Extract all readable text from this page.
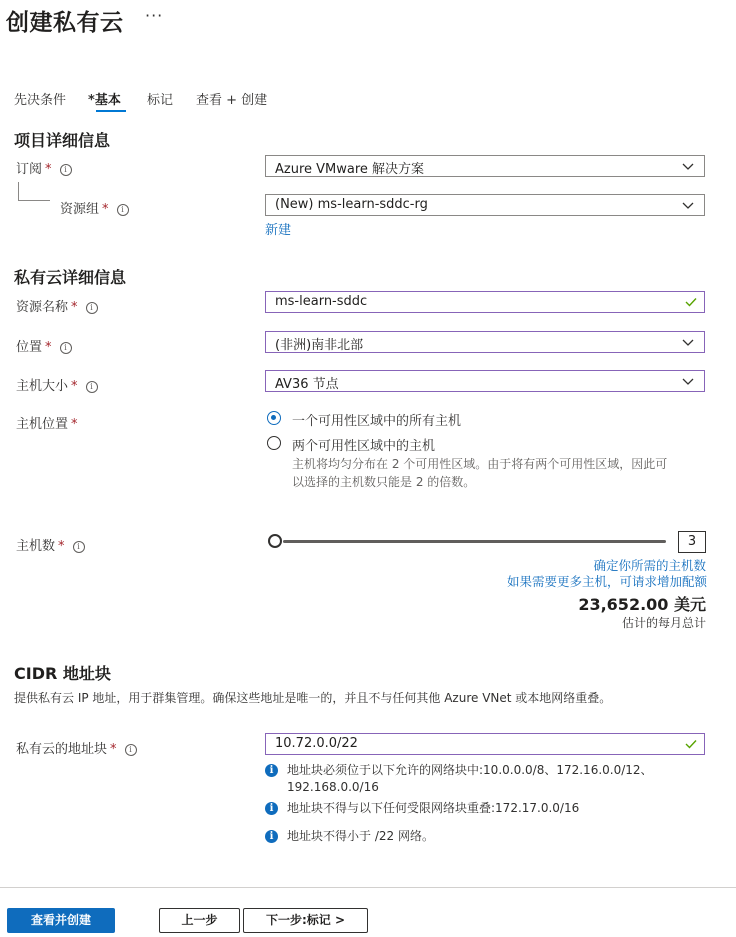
创建私有云 ···
先决条件 *基本 标记 查看 + 创建
项目详细信息
订阅 * i	Azure VMware 解决方案
资源组 * i	(New) ms-learn-sddc-rg
新建
私有云详细信息
资源名称 * i	ms-learn-sddc
位置 * i	(非洲)南非北部
主机大小 * i	AV36 节点
主机位置 *	一个可用性区域中的所有主机
两个可用性区域中的主机
主机将均匀分布在 2 个可用性区域。由于将有两个可用性区域，因此可
以选择的主机数只能是 2 的倍数。
主机数 * i	3
确定你所需的主机数
如果需要更多主机，可请求增加配额
23,652.00 美元
估计的每月总计
CIDR 地址块
提供私有云 IP 地址，用于群集管理。确保这些地址是唯一的，并且不与任何其他 Azure VNet 或本地网络重叠。
私有云的地址块 * i	10.72.0.0/22
i	地址块必须位于以下允许的网络块中:10.0.0.0/8、172.16.0.0/12、
192.168.0.0/16
i	地址块不得与以下任何受限网络块重叠:172.17.0.0/16
i	地址块不得小于 /22 网络。
查看并创建	上一步	下一步:标记 >
